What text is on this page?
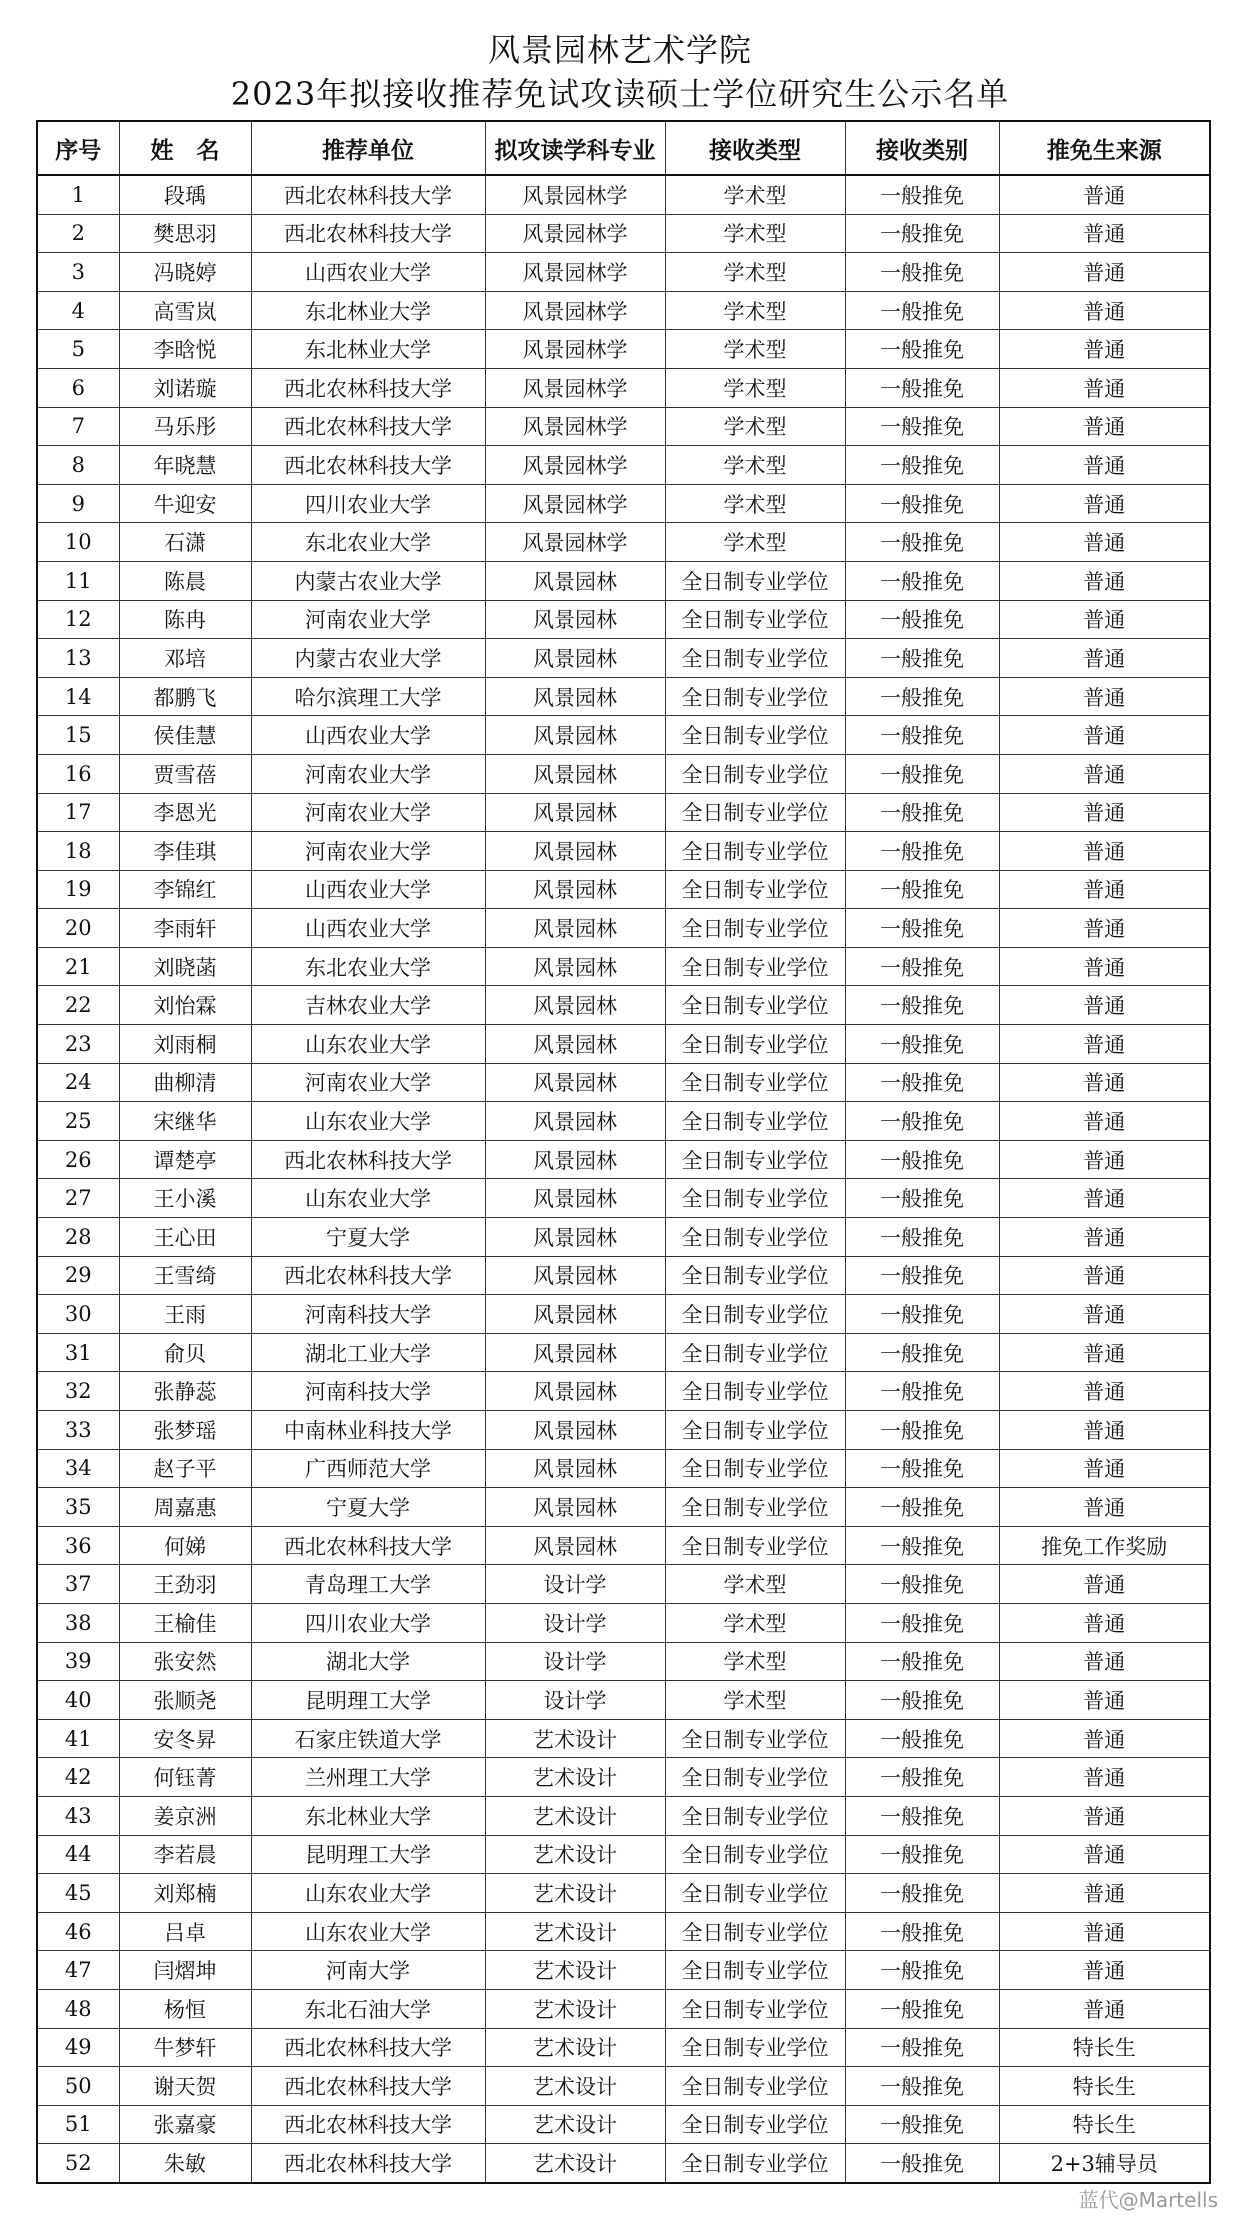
风景园林艺术学院
2023年拟接收推荐免试攻读硕士学位研究生公示名单
序号	姓　名	推荐单位	拟攻读学科专业	接收类型	接收类别	推免生来源
1	段瑀	西北农林科技大学	风景园林学	学术型	一般推免	普通
2	樊思羽	西北农林科技大学	风景园林学	学术型	一般推免	普通
3	冯晓婷	山西农业大学	风景园林学	学术型	一般推免	普通
4	高雪岚	东北林业大学	风景园林学	学术型	一般推免	普通
5	李晗悦	东北林业大学	风景园林学	学术型	一般推免	普通
6	刘诺璇	西北农林科技大学	风景园林学	学术型	一般推免	普通
7	马乐彤	西北农林科技大学	风景园林学	学术型	一般推免	普通
8	年晓慧	西北农林科技大学	风景园林学	学术型	一般推免	普通
9	牛迎安	四川农业大学	风景园林学	学术型	一般推免	普通
10	石潇	东北农业大学	风景园林学	学术型	一般推免	普通
11	陈晨	内蒙古农业大学	风景园林	全日制专业学位	一般推免	普通
12	陈冉	河南农业大学	风景园林	全日制专业学位	一般推免	普通
13	邓培	内蒙古农业大学	风景园林	全日制专业学位	一般推免	普通
14	都鹏飞	哈尔滨理工大学	风景园林	全日制专业学位	一般推免	普通
15	侯佳慧	山西农业大学	风景园林	全日制专业学位	一般推免	普通
16	贾雪蓓	河南农业大学	风景园林	全日制专业学位	一般推免	普通
17	李恩光	河南农业大学	风景园林	全日制专业学位	一般推免	普通
18	李佳琪	河南农业大学	风景园林	全日制专业学位	一般推免	普通
19	李锦红	山西农业大学	风景园林	全日制专业学位	一般推免	普通
20	李雨轩	山西农业大学	风景园林	全日制专业学位	一般推免	普通
21	刘晓菡	东北农业大学	风景园林	全日制专业学位	一般推免	普通
22	刘怡霖	吉林农业大学	风景园林	全日制专业学位	一般推免	普通
23	刘雨桐	山东农业大学	风景园林	全日制专业学位	一般推免	普通
24	曲柳清	河南农业大学	风景园林	全日制专业学位	一般推免	普通
25	宋继华	山东农业大学	风景园林	全日制专业学位	一般推免	普通
26	谭楚亭	西北农林科技大学	风景园林	全日制专业学位	一般推免	普通
27	王小溪	山东农业大学	风景园林	全日制专业学位	一般推免	普通
28	王心田	宁夏大学	风景园林	全日制专业学位	一般推免	普通
29	王雪绮	西北农林科技大学	风景园林	全日制专业学位	一般推免	普通
30	王雨	河南科技大学	风景园林	全日制专业学位	一般推免	普通
31	俞贝	湖北工业大学	风景园林	全日制专业学位	一般推免	普通
32	张静蕊	河南科技大学	风景园林	全日制专业学位	一般推免	普通
33	张梦瑶	中南林业科技大学	风景园林	全日制专业学位	一般推免	普通
34	赵子平	广西师范大学	风景园林	全日制专业学位	一般推免	普通
35	周嘉惠	宁夏大学	风景园林	全日制专业学位	一般推免	普通
36	何娣	西北农林科技大学	风景园林	全日制专业学位	一般推免	推免工作奖励
37	王劲羽	青岛理工大学	设计学	学术型	一般推免	普通
38	王榆佳	四川农业大学	设计学	学术型	一般推免	普通
39	张安然	湖北大学	设计学	学术型	一般推免	普通
40	张顺尧	昆明理工大学	设计学	学术型	一般推免	普通
41	安冬昇	石家庄铁道大学	艺术设计	全日制专业学位	一般推免	普通
42	何钰菁	兰州理工大学	艺术设计	全日制专业学位	一般推免	普通
43	姜京洲	东北林业大学	艺术设计	全日制专业学位	一般推免	普通
44	李若晨	昆明理工大学	艺术设计	全日制专业学位	一般推免	普通
45	刘郑楠	山东农业大学	艺术设计	全日制专业学位	一般推免	普通
46	吕卓	山东农业大学	艺术设计	全日制专业学位	一般推免	普通
47	闫熠坤	河南大学	艺术设计	全日制专业学位	一般推免	普通
48	杨恒	东北石油大学	艺术设计	全日制专业学位	一般推免	普通
49	牛梦轩	西北农林科技大学	艺术设计	全日制专业学位	一般推免	特长生
50	谢天贺	西北农林科技大学	艺术设计	全日制专业学位	一般推免	特长生
51	张嘉豪	西北农林科技大学	艺术设计	全日制专业学位	一般推免	特长生
52	朱敏	西北农林科技大学	艺术设计	全日制专业学位	一般推免	2+3辅导员
蓝代@Martells
